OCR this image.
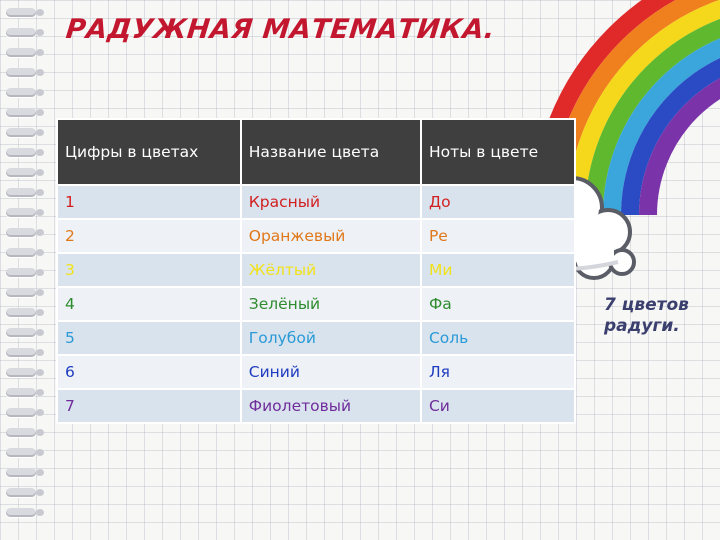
РАДУЖНАЯ МАТЕМАТИКА.
Цифры в цветах	Название цвета	Ноты в цвете
1	Красный	До
2	Оранжевый	Ре
3	Жёлтый	Ми
4	Зелёный	Фа
5	Голубой	Соль
6	Синий	Ля
7	Фиолетовый	Си

7 цветов радуги.
